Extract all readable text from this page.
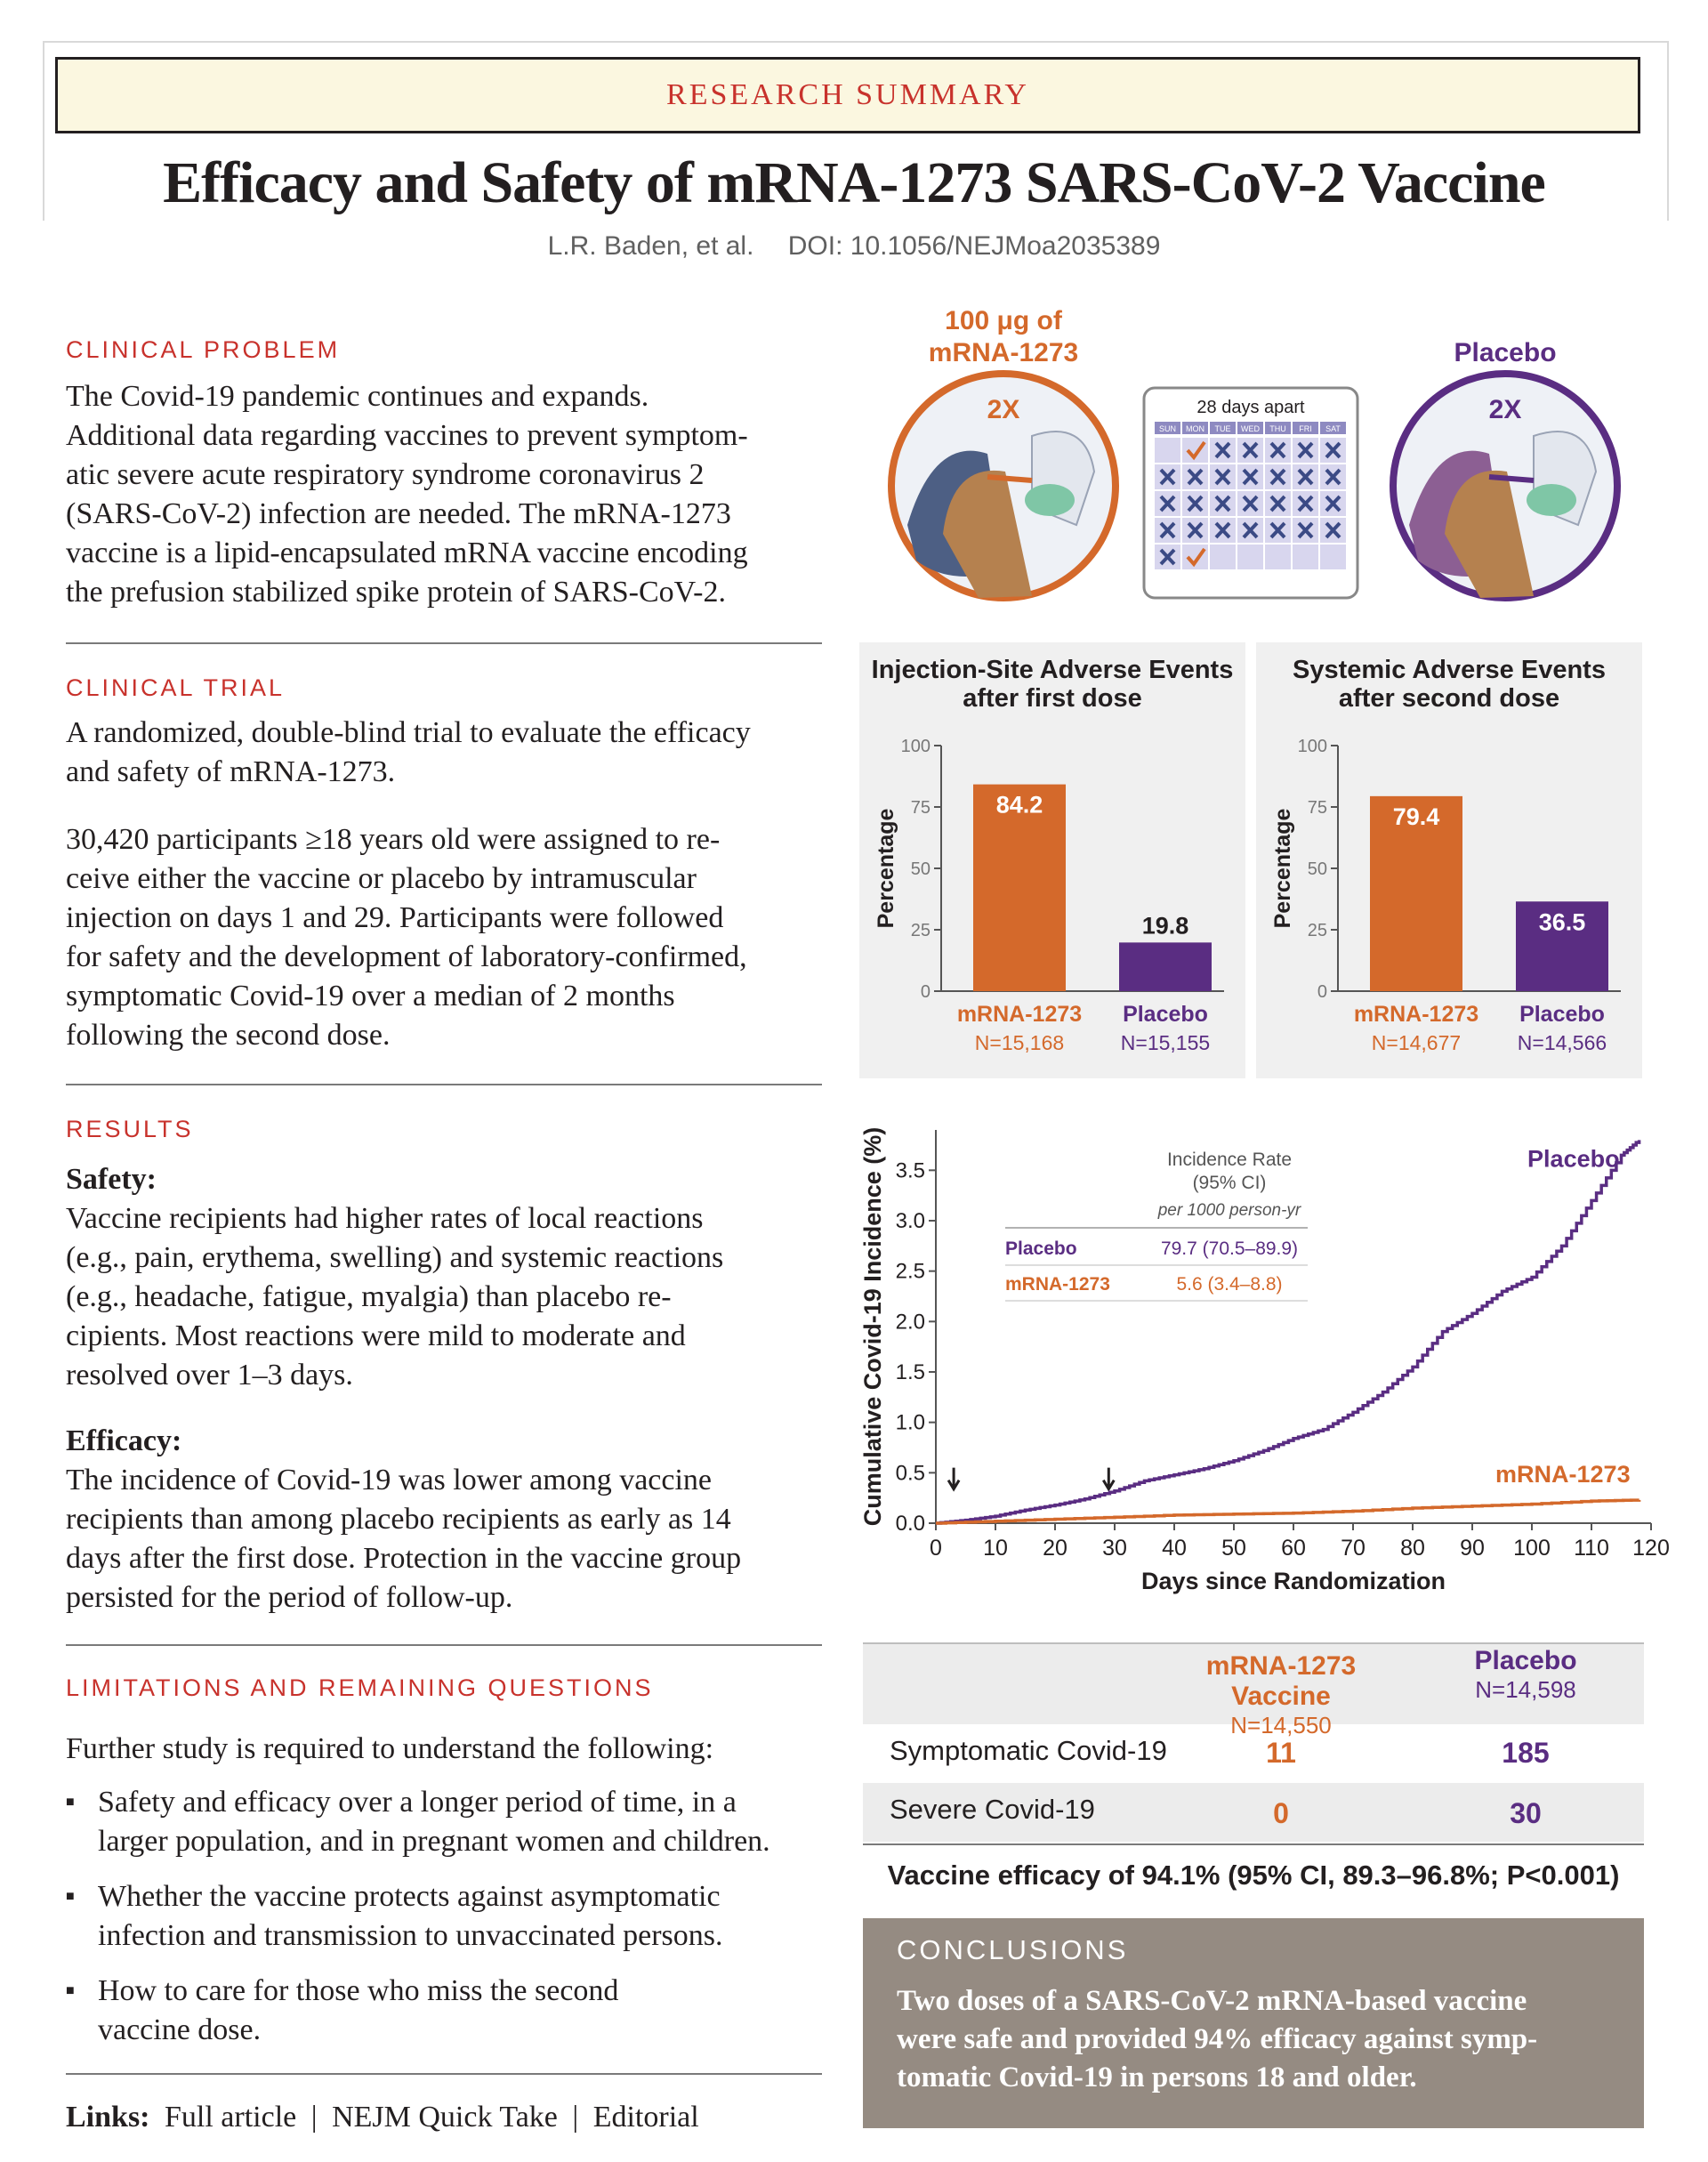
RESEARCH SUMMARY
Efficacy and Safety of mRNA-1273 SARS-CoV-2 Vaccine
L.R. Baden, et al. DOI: 10.1056/NEJMoa2035389
CLINICAL PROBLEM
The Covid-19 pandemic continues and expands.
Additional data regarding vaccines to prevent symptom-
atic severe acute respiratory syndrome coronavirus 2
(SARS-CoV-2) infection are needed. The mRNA-1273
vaccine is a lipid-encapsulated mRNA vaccine encoding
the prefusion stabilized spike protein of SARS-CoV-2.
CLINICAL TRIAL
A randomized, double-blind trial to evaluate the efficacy
and safety of mRNA-1273.
30,420 participants ≥18 years old were assigned to re-
ceive either the vaccine or placebo by intramuscular
injection on days 1 and 29. Participants were followed
for safety and the development of laboratory-confirmed,
symptomatic Covid-19 over a median of 2 months
following the second dose.
RESULTS
Safety:
Vaccine recipients had higher rates of local reactions
(e.g., pain, erythema, swelling) and systemic reactions
(e.g., headache, fatigue, myalgia) than placebo re-
cipients. Most reactions were mild to moderate and
resolved over 1–3 days.
Efficacy:
The incidence of Covid-19 was lower among vaccine
recipients than among placebo recipients as early as 14
days after the first dose. Protection in the vaccine group
persisted for the period of follow-up.
LIMITATIONS AND REMAINING QUESTIONS
Further study is required to understand the following:
■ Safety and efficacy over a longer period of time, in a
larger population, and in pregnant women and children.
■ Whether the vaccine protects against asymptomatic
infection and transmission to unvaccinated persons.
■ How to care for those who miss the second
vaccine dose.
Links: Full article | NEJM Quick Take | Editorial
100 μg of
mRNA-1273	Placebo
2X	28 days apart
SUN MON TUE WED THU FRI SAT
2X
Injection-Site Adverse Events
after first dose
0
25
50
75
100
Percentage
84.2
mRNA-1273
N=15,168
19.8
Placebo
N=15,155
Systemic Adverse Events
after second dose
0
25
50
75
100
Percentage	79.4
mRNA-1273
N=14,677
36.5
Placebo
N=14,566
0.0
0.5
1.0
1.5
2.0
2.5
3.0
3.5
0 10 20 30 40 50 60 70 80 90 100 110 120
Days since Randomization
Cumulative Covid-19 Incidence (%)	Placebo
mRNA-1273
Incidence Rate
(95% CI)
per 1000 person-yr
Placebo	79.7 (70.5–89.9)
mRNA-1273	5.6 (3.4–8.8)
mRNA-1273 Vaccine
N=14,550
Placebo
N=14,598
Symptomatic Covid-19	11	185
Severe Covid-19	0	30
Vaccine efficacy of 94.1% (95% CI, 89.3–96.8%; P<0.001)
CONCLUSIONS
Two doses of a SARS-CoV-2 mRNA-based vaccine
were safe and provided 94% efficacy against symp-
tomatic Covid-19 in persons 18 and older.
